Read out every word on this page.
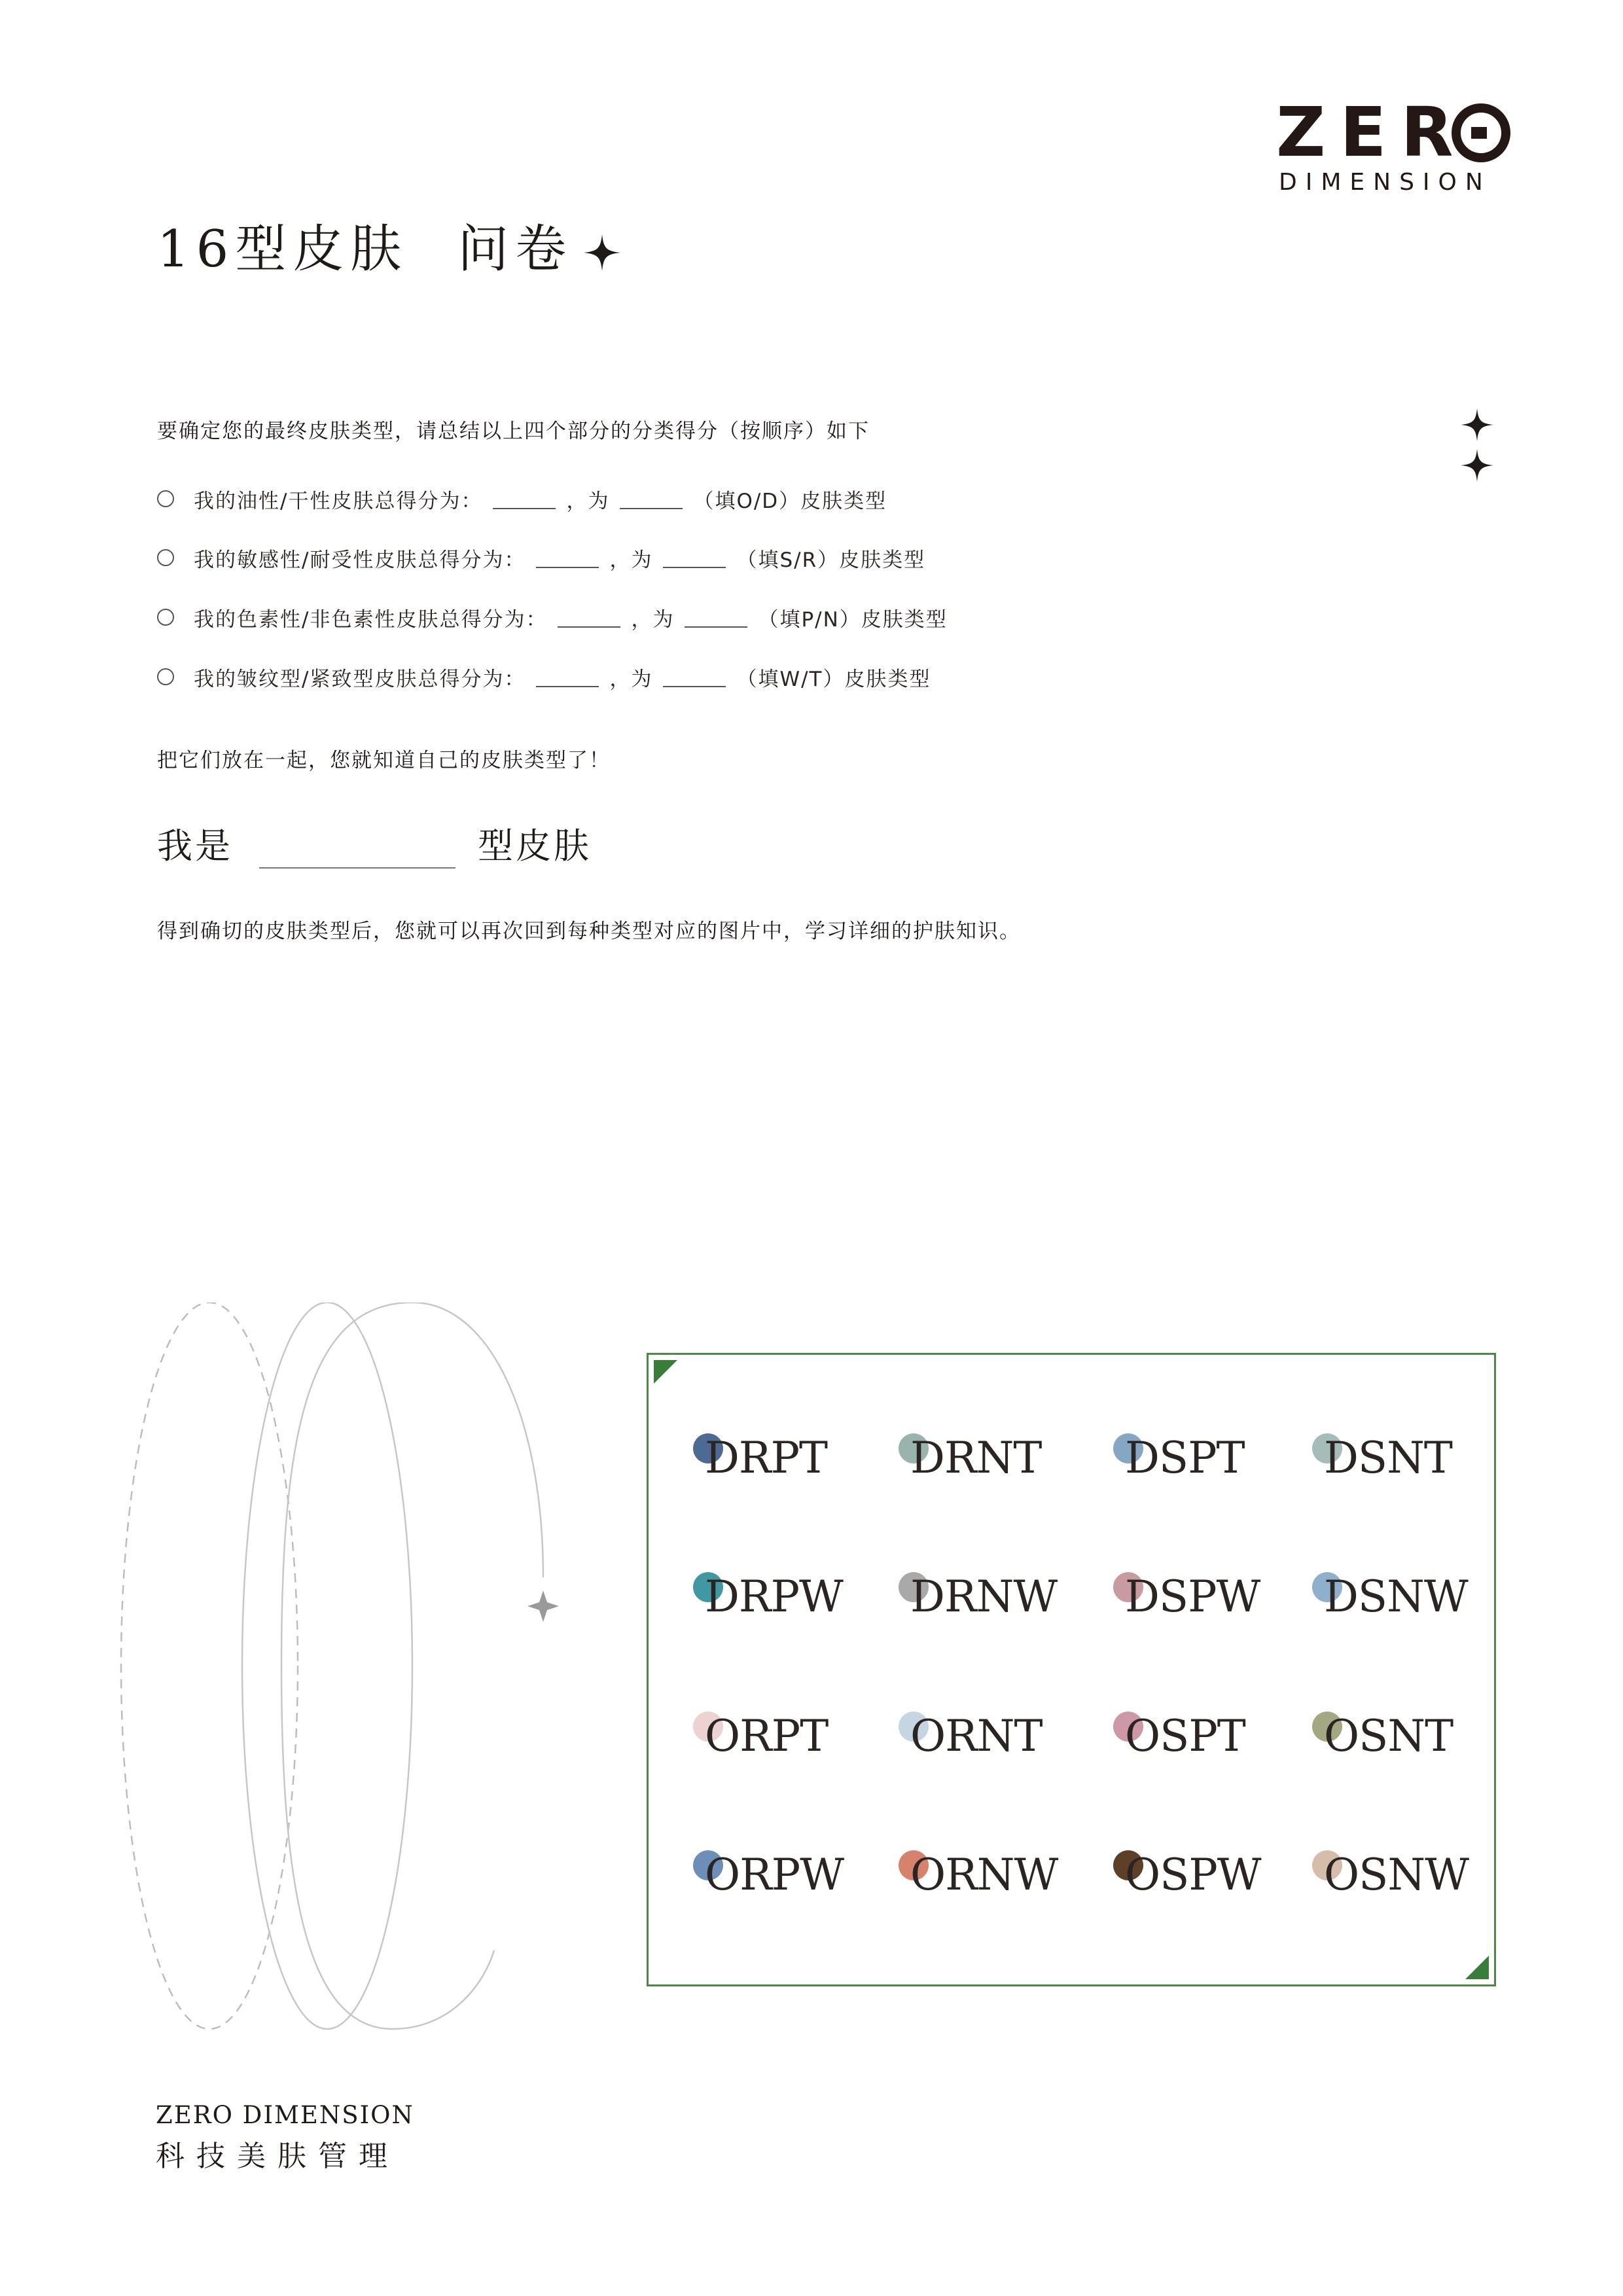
ZER
DIMENSION
16型皮肤 问卷
要确定您的最终皮肤类型，请总结以上四个部分的分类得分（按顺序）如下
我的油性/干性皮肤总得分为：	，为	（填O/D）皮肤类型
我的敏感性/耐受性皮肤总得分为：	，为	（填S/R）皮肤类型
我的色素性/非色素性皮肤总得分为：	，为	（填P/N）皮肤类型
我的皱纹型/紧致型皮肤总得分为：	，为	（填W/T）皮肤类型
把它们放在一起，您就知道自己的皮肤类型了！
我是	型皮肤
得到确切的皮肤类型后，您就可以再次回到每种类型对应的图片中，学习详细的护肤知识。
DRPT DRNT DSPT DSNT
DRPW DRNW DSPW DSNW
ORPT ORNT OSPT OSNT
ORPW ORNW OSPW OSNW
ZERO DIMENSION
科技美肤管理
